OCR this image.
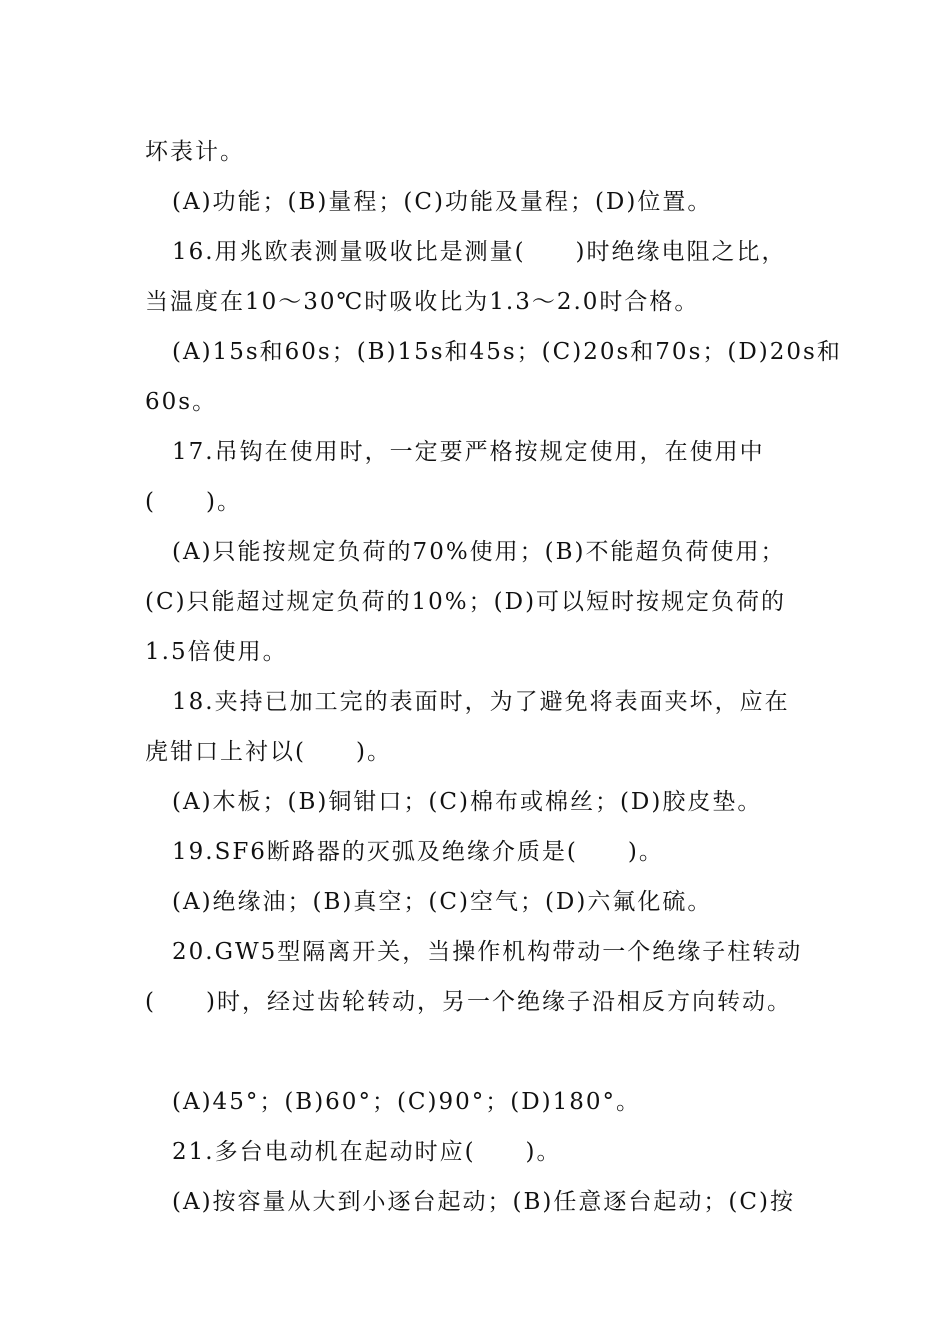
坏表计。
(A)功能；(B)量程；(C)功能及量程；(D)位置。
16.用兆欧表测量吸收比是测量(　　)时绝缘电阻之比，
当温度在10～30℃时吸收比为1.3～2.0时合格。
(A)15s和60s；(B)15s和45s；(C)20s和70s；(D)20s和
60s。
17.吊钩在使用时，一定要严格按规定使用，在使用中
(　　)。
(A)只能按规定负荷的70%使用；(B)不能超负荷使用；
(C)只能超过规定负荷的10%；(D)可以短时按规定负荷的
1.5倍使用。
18.夹持已加工完的表面时，为了避免将表面夹坏，应在
虎钳口上衬以(　　)。
(A)木板；(B)铜钳口；(C)棉布或棉丝；(D)胶皮垫。
19.SF6断路器的灭弧及绝缘介质是(　　)。
(A)绝缘油；(B)真空；(C)空气；(D)六氟化硫。
20.GW5型隔离开关，当操作机构带动一个绝缘子柱转动
(　　)时，经过齿轮转动，另一个绝缘子沿相反方向转动。
(A)45°；(B)60°；(C)90°；(D)180°。
21.多台电动机在起动时应(　　)。
(A)按容量从大到小逐台起动；(B)任意逐台起动；(C)按
